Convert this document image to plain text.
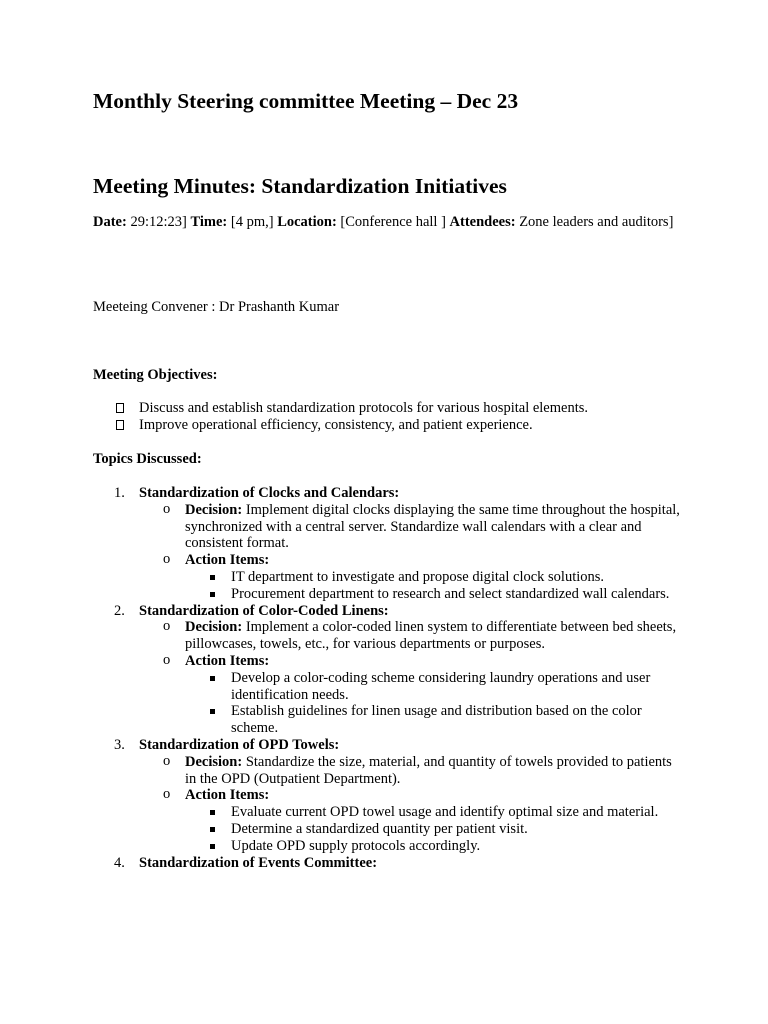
Monthly Steering committee Meeting – Dec 23
Meeting Minutes: Standardization Initiatives
Date: 29:12:23] Time: [4 pm,] Location: [Conference hall ] Attendees: Zone leaders and auditors]
Meeteing Convener : Dr Prashanth Kumar
Meeting Objectives:
Discuss and establish standardization protocols for various hospital elements.
Improve operational efficiency, consistency, and patient experience.
Topics Discussed:
1. Standardization of Clocks and Calendars:
o Decision: Implement digital clocks displaying the same time throughout the hospital, synchronized with a central server. Standardize wall calendars with a clear and consistent format.
o Action Items:
IT department to investigate and propose digital clock solutions.
Procurement department to research and select standardized wall calendars.
2. Standardization of Color-Coded Linens:
o Decision: Implement a color-coded linen system to differentiate between bed sheets, pillowcases, towels, etc., for various departments or purposes.
o Action Items:
Develop a color-coding scheme considering laundry operations and user identification needs.
Establish guidelines for linen usage and distribution based on the color scheme.
3. Standardization of OPD Towels:
o Decision: Standardize the size, material, and quantity of towels provided to patients in the OPD (Outpatient Department).
o Action Items:
Evaluate current OPD towel usage and identify optimal size and material.
Determine a standardized quantity per patient visit.
Update OPD supply protocols accordingly.
4. Standardization of Events Committee:
